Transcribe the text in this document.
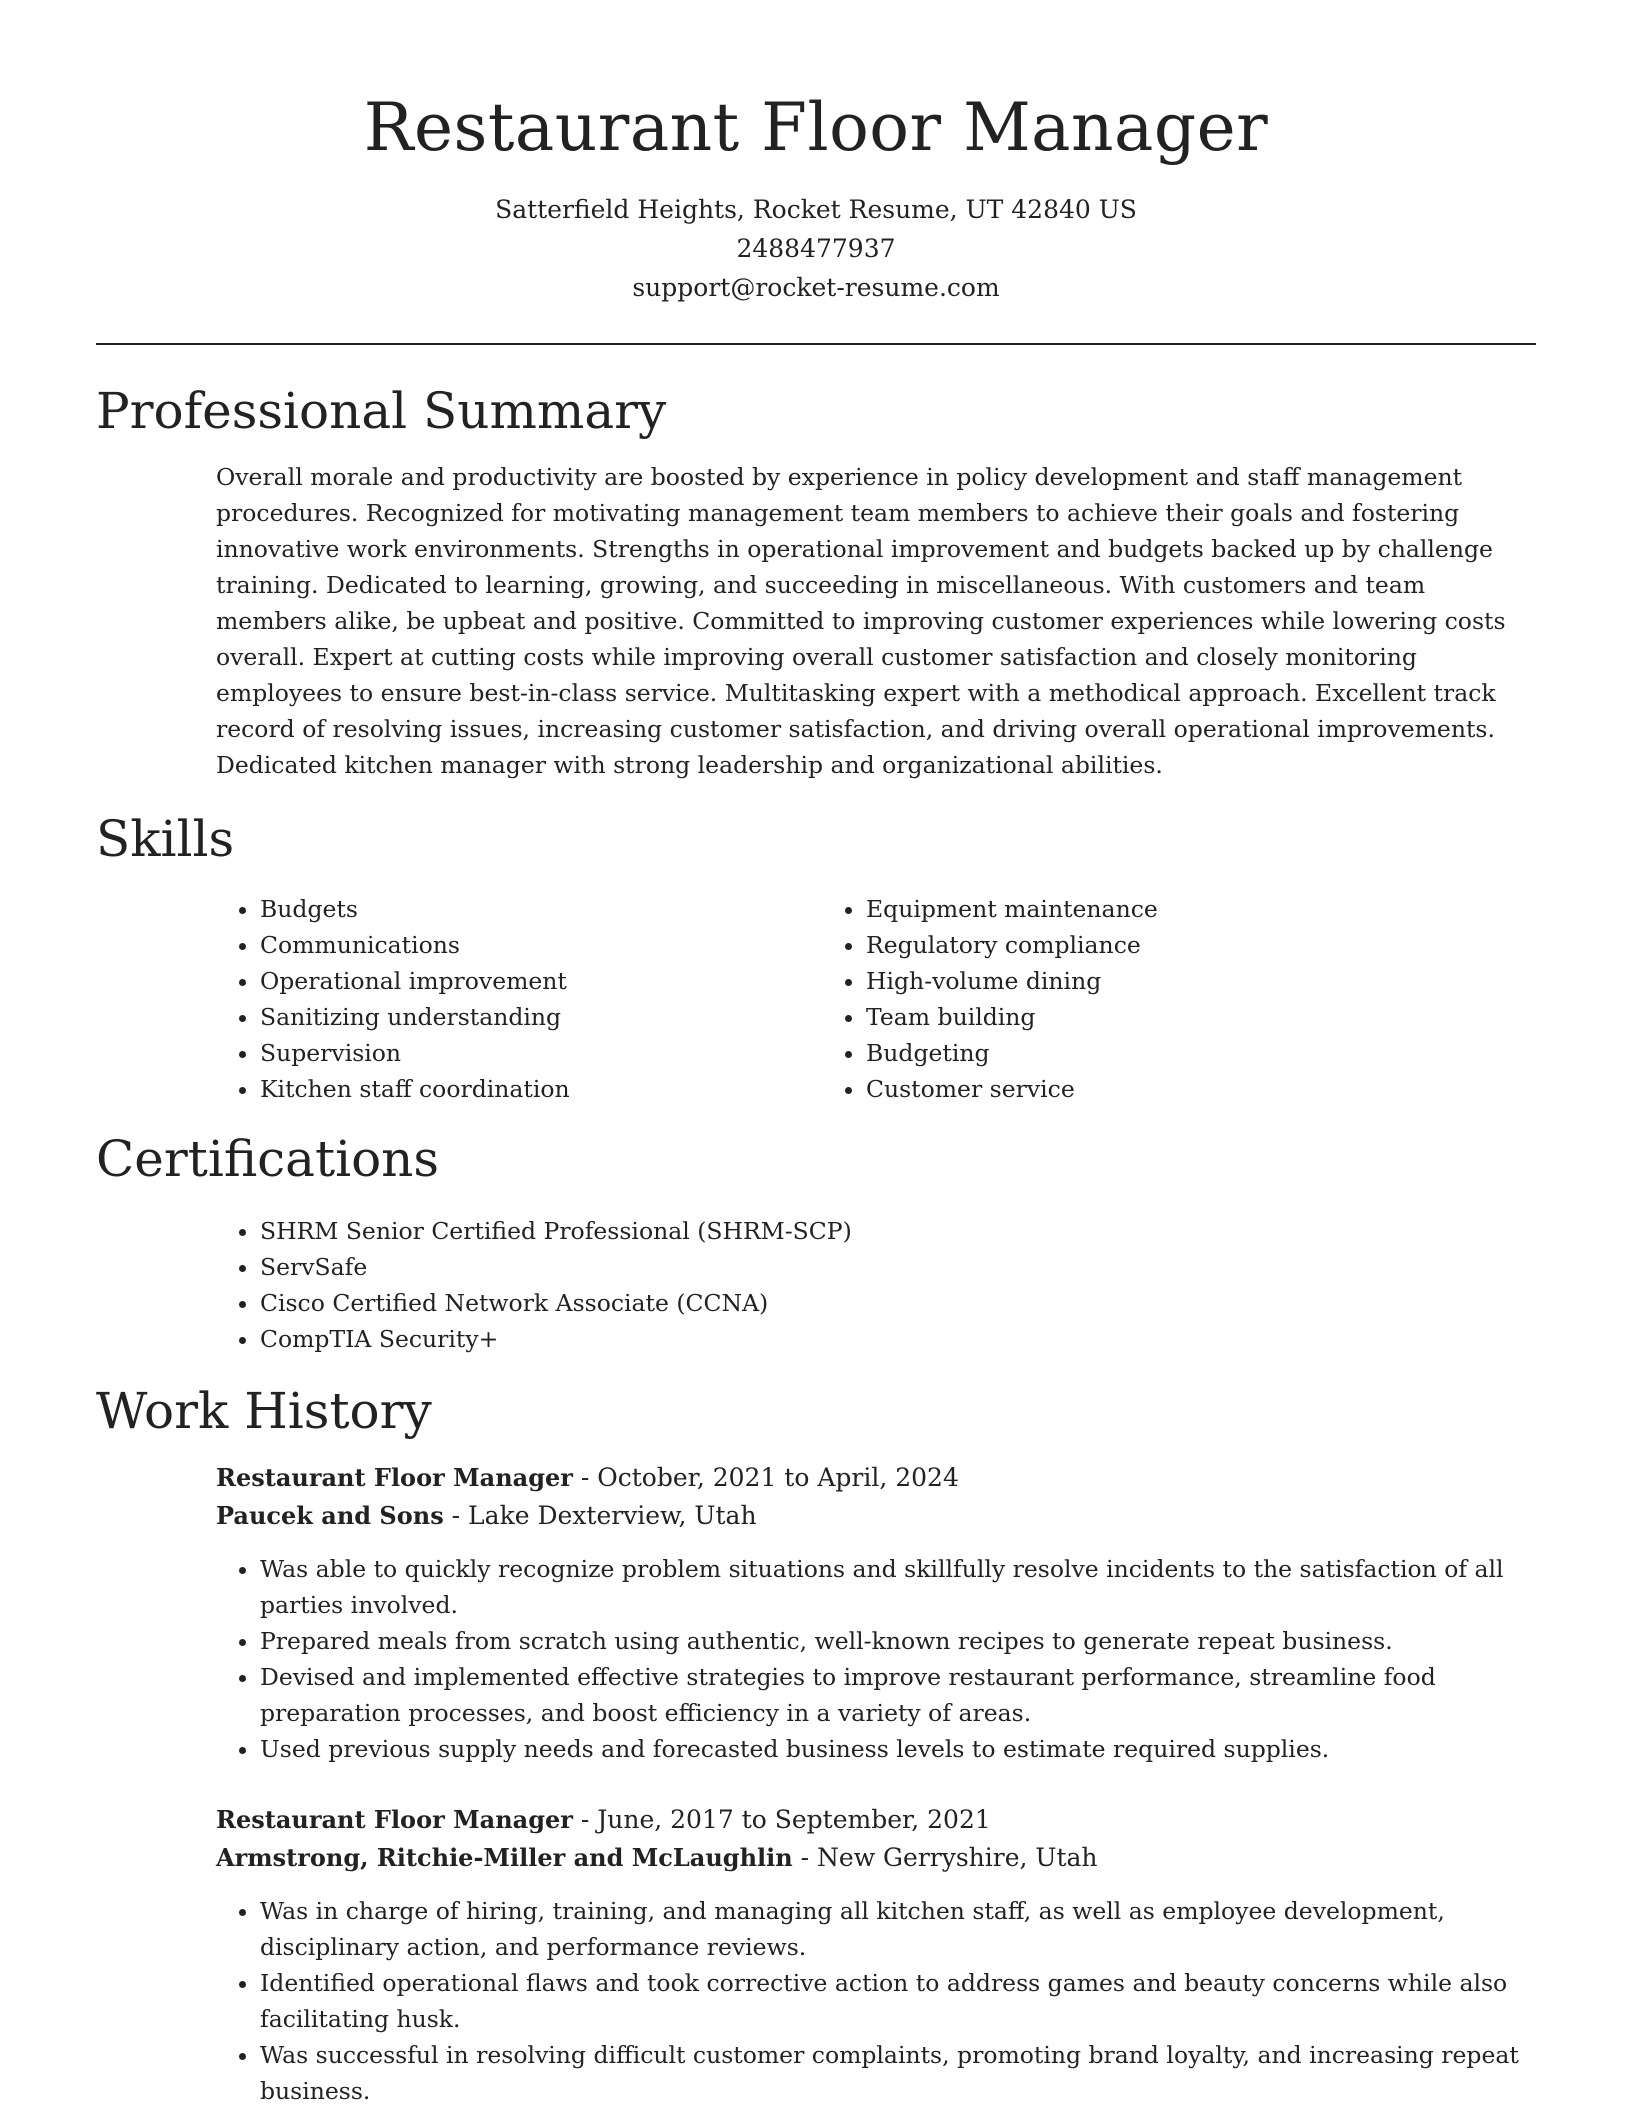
Restaurant Floor Manager
Satterfield Heights, Rocket Resume, UT 42840 US
2488477937
support@rocket-resume.com
Professional Summary

Overall morale and productivity are boosted by experience in policy development and staff management procedures. Recognized for motivating management team members to achieve their goals and fostering innovative work environments. Strengths in operational improvement and budgets backed up by challenge training. Dedicated to learning, growing, and succeeding in miscellaneous. With customers and team members alike, be upbeat and positive. Committed to improving customer experiences while lowering costs overall. Expert at cutting costs while improving overall customer satisfaction and closely monitoring employees to ensure best-in-class service. Multitasking expert with a methodical approach. Excellent track record of resolving issues, increasing customer satisfaction, and driving overall operational improvements. Dedicated kitchen manager with strong leadership and organizational abilities.

Skills
• Budgets
• Communications
• Operational improvement
• Sanitizing understanding
• Supervision
• Kitchen staff coordination
• Equipment maintenance
• Regulatory compliance
• High-volume dining
• Team building
• Budgeting
• Customer service
Certifications
• SHRM Senior Certified Professional (SHRM-SCP)
• ServSafe
• Cisco Certified Network Associate (CCNA)
• CompTIA Security+
Work History
Restaurant Floor Manager - October, 2021 to April, 2024
Paucek and Sons - Lake Dexterview, Utah
• Was able to quickly recognize problem situations and skillfully resolve incidents to the satisfaction of all parties involved.
• Prepared meals from scratch using authentic, well-known recipes to generate repeat business.
• Devised and implemented effective strategies to improve restaurant performance, streamline food preparation processes, and boost efficiency in a variety of areas.
• Used previous supply needs and forecasted business levels to estimate required supplies.
Restaurant Floor Manager - June, 2017 to September, 2021
Armstrong, Ritchie-Miller and McLaughlin - New Gerryshire, Utah
• Was in charge of hiring, training, and managing all kitchen staff, as well as employee development, disciplinary action, and performance reviews.
• Identified operational flaws and took corrective action to address games and beauty concerns while also facilitating husk.
• Was successful in resolving difficult customer complaints, promoting brand loyalty, and increasing repeat business.
